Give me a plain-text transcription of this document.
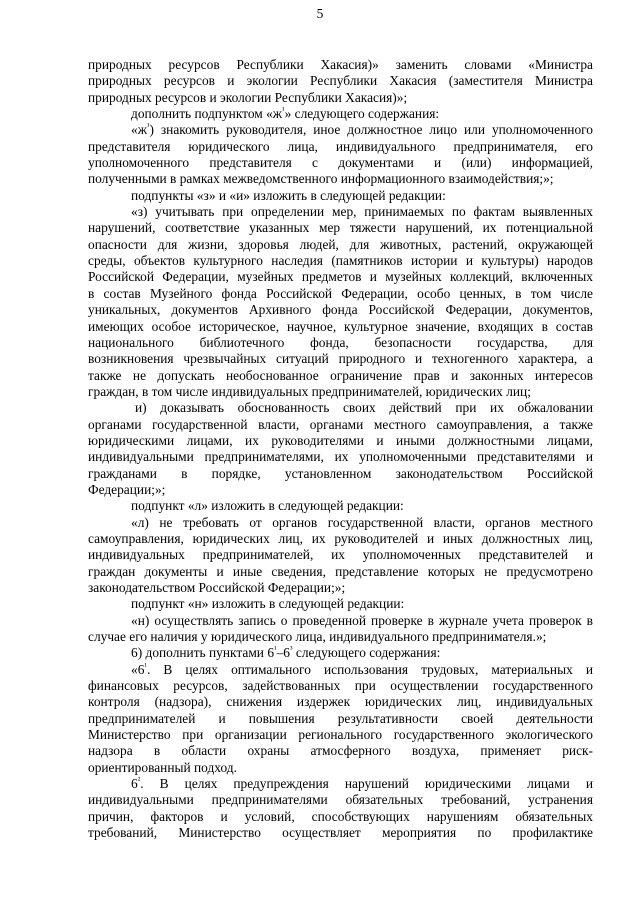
5
природных ресурсов Республики Хакасия)» заменить словами «Министра
природных ресурсов и экологии Республики Хакасия (заместителя Министра
природных ресурсов и экологии Республики Хакасия)»;
дополнить подпунктом «$ж^{^1}$» следующего содержания:
«$ж^{^1}$) знакомить руководителя, иное должностное лицо или уполномоченного
представителя юридического лица, индивидуального предпринимателя, его
уполномоченного представителя с документами и (или) информацией,
полученными в рамках межведомственного информационного взаимодействия;»;
подпункты «з» и «и» изложить в следующей редакции:
«з) учитывать при определении мер, принимаемых по фактам выявленных
нарушений, соответствие указанных мер тяжести нарушений, их потенциальной
опасности для жизни, здоровья людей, для животных, растений, окружающей
среды, объектов культурного наследия (памятников истории и культуры) народов
Российской Федерации, музейных предметов и музейных коллекций, включенных
в состав Музейного фонда Российской Федерации, особо ценных, в том числе
уникальных, документов Архивного фонда Российской Федерации, документов,
имеющих особое историческое, научное, культурное значение, входящих в состав
национального библиотечного фонда, безопасности государства, для
возникновения чрезвычайных ситуаций природного и техногенного характера, а
также не допускать необоснованное ограничение прав и законных интересов
граждан, в том числе индивидуальных предпринимателей, юридических лиц;
и) доказывать обоснованность своих действий при их обжаловании
органами государственной власти, органами местного самоуправления, а также
юридическими лицами, их руководителями и иными должностными лицами,
индивидуальными предпринимателями, их уполномоченными представителями и
гражданами в порядке, установленном законодательством Российской
Федерации;»;
подпункт «л» изложить в следующей редакции:
«л) не требовать от органов государственной власти, органов местного
самоуправления, юридических лиц, их руководителей и иных должностных лиц,
индивидуальных предпринимателей, их уполномоченных представителей и
граждан документы и иные сведения, представление которых не предусмотрено
законодательством Российской Федерации;»;
подпункт «н» изложить в следующей редакции:
«н) осуществлять запись о проведенной проверке в журнале учета проверок в
случае его наличия у юридического лица, индивидуального предпринимателя.»;
6) дополнить пунктами $6^{^1}-6^{^3}$ следующего содержания:
«$6^{^1}$. В целях оптимального использования трудовых, материальных и
финансовых ресурсов, задействованных при осуществлении государственного
контроля (надзора), снижения издержек юридических лиц, индивидуальных
предпринимателей и повышения результативности своей деятельности
Министерство при организации регионального государственного экологического
надзора в области охраны атмосферного воздуха, применяет риск-
ориентированный подход.
$6^{^2}$. В целях предупреждения нарушений юридическими лицами и
индивидуальными предпринимателями обязательных требований, устранения
причин, факторов и условий, способствующих нарушениям обязательных
требований, Министерство осуществляет мероприятия по профилактике
